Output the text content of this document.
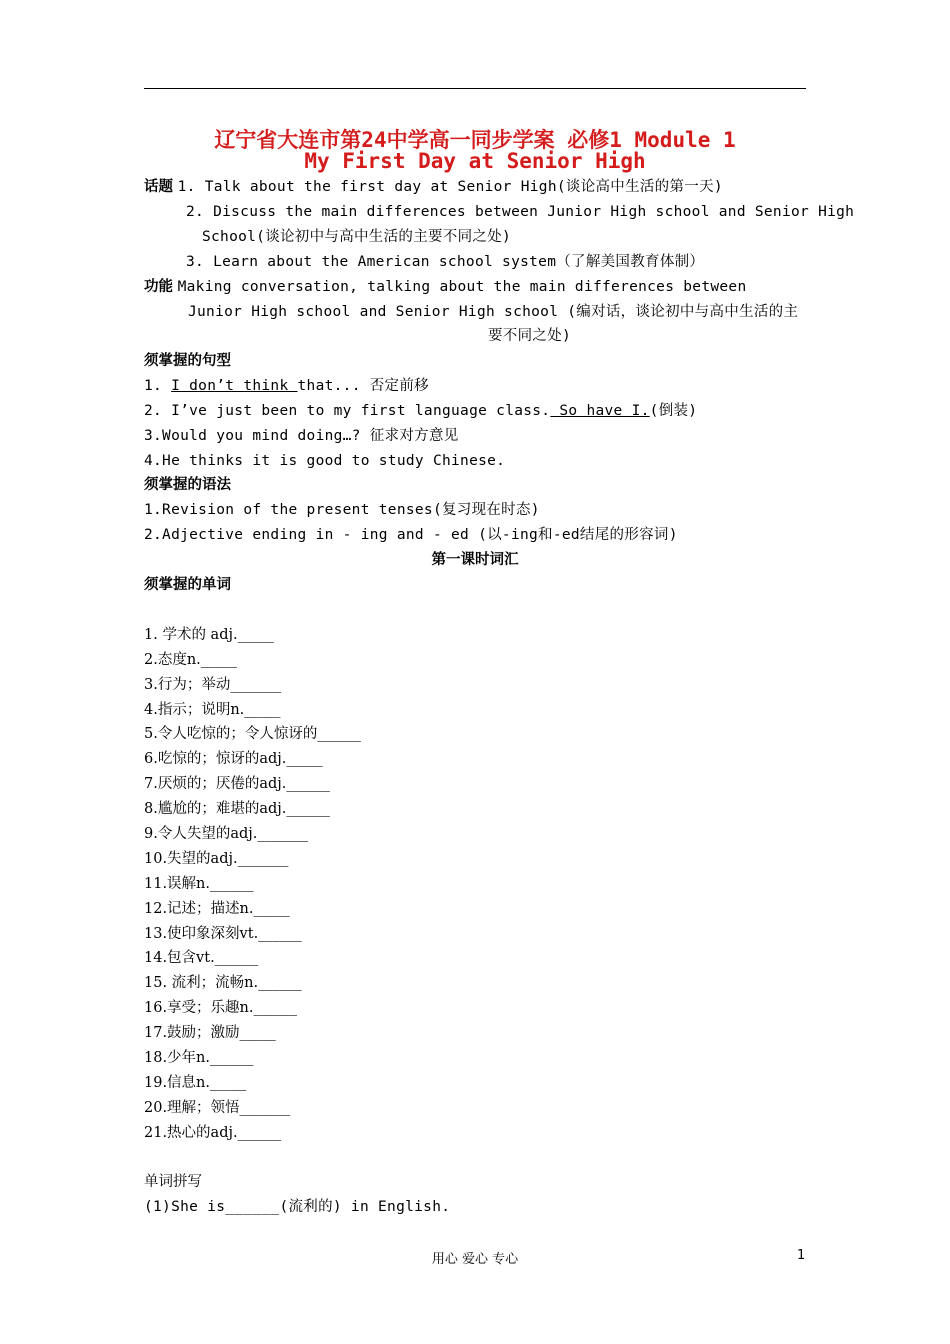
辽宁省大连市第24中学高一同步学案 必修1 Module 1
My First Day at Senior High
话题 1. Talk about the first day at Senior High(谈论高中生活的第一天)
2. Discuss the main differences between Junior High school and Senior High
School(谈论初中与高中生活的主要不同之处)
3. Learn about the American school system（了解美国教育体制）
功能 Making conversation, talking about the main differences between
Junior High school and Senior High school (编对话，谈论初中与高中生活的主
要不同之处)
须掌握的句型
1. I don’t think that... 否定前移
2. I’ve just been to my first language class. So have I.(倒装)
3.Would you mind doing…? 征求对方意见
4.He thinks it is good to study Chinese.
须掌握的语法
1.Revision of the present tenses(复习现在时态)
2.Adjective ending in - ing and - ed (以-ing和-ed结尾的形容词)
第一课时词汇
须掌握的单词
1. 学术的 adj._____
2.态度n._____
3.行为；举动_______
4.指示；说明n._____
5.令人吃惊的；令人惊讶的______
6.吃惊的；惊讶的adj._____
7.厌烦的；厌倦的adj.______
8.尴尬的；难堪的adj.______
9.令人失望的adj._______
10.失望的adj._______
11.误解n.______
12.记述；描述n._____
13.使印象深刻vt.______
14.包含vt.______
15. 流利；流畅n.______
16.享受；乐趣n.______
17.鼓励；激励_____
18.少年n.______
19.信息n._____
20.理解；领悟_______
21.热心的adj.______
单词拼写
(1)She is______(流利的) in English.
用心 爱心 专心	1
